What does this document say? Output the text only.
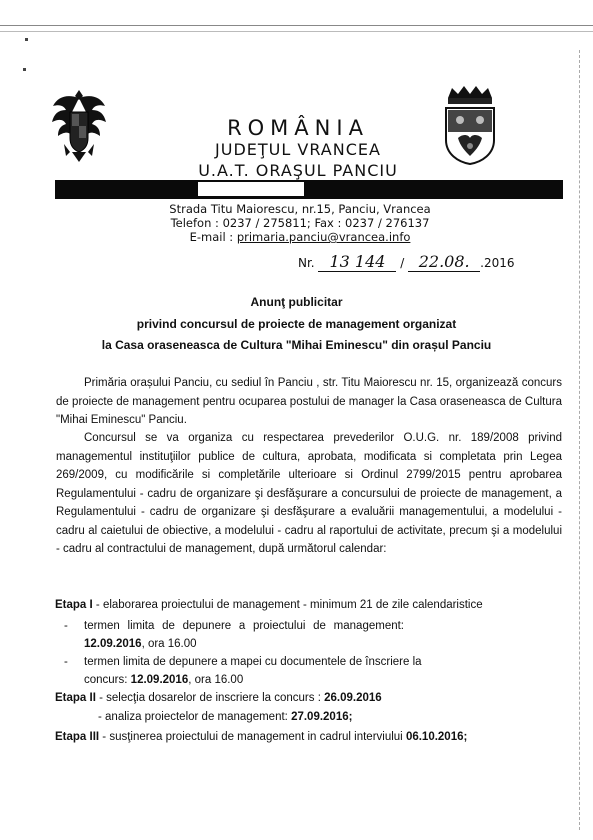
ROMÂNIA
JUDEŢUL VRANCEA
U.A.T. ORAŞUL PANCIU
Strada Titu Maiorescu, nr.15, Panciu, Vrancea
Telefon : 0237 / 275811; Fax : 0237 / 276137
E-mail : primaria.panciu@vrancea.info
Nr. 13 144 / 22.08. .2016
Anunţ publicitar
privind concursul de proiecte de management organizat
la Casa oraseneasca de Cultura "Mihai Eminescu" din orașul Panciu
Primăria orașului Panciu, cu sediul în Panciu , str. Titu Maiorescu nr. 15, organizează concurs de proiecte de management pentru ocuparea postului de manager la Casa oraseneasca de Cultura "Mihai Eminescu" Panciu.
Concursul se va organiza cu respectarea prevederilor O.U.G. nr. 189/2008 privind managementul instituţiilor publice de cultura, aprobata, modificata si completata prin Legea 269/2009, cu modificările si completările ulterioare si Ordinul 2799/2015 pentru aprobarea Regulamentului - cadru de organizare şi desfăşurare a concursului de proiecte de management, a Regulamentului - cadru de organizare şi desfăşurare a evaluării managementului, a modelului - cadru al caietului de obiective, a modelului - cadru al raportului de activitate, precum şi a modelului - cadru al contractului de management, după următorul calendar:
Etapa I - elaborarea proiectului de management - minimum 21 de zile calendaristice
- termen limita de depunere a proiectului de management:
12.09.2016, ora 16.00
- termen limita de depunere a mapei cu documentele de înscriere la
concurs: 12.09.2016, ora 16.00
Etapa II - selecţia dosarelor de inscriere la concurs : 26.09.2016
- analiza proiectelor de management: 27.09.2016;
Etapa III - susţinerea proiectului de management in cadrul interviului 06.10.2016;
